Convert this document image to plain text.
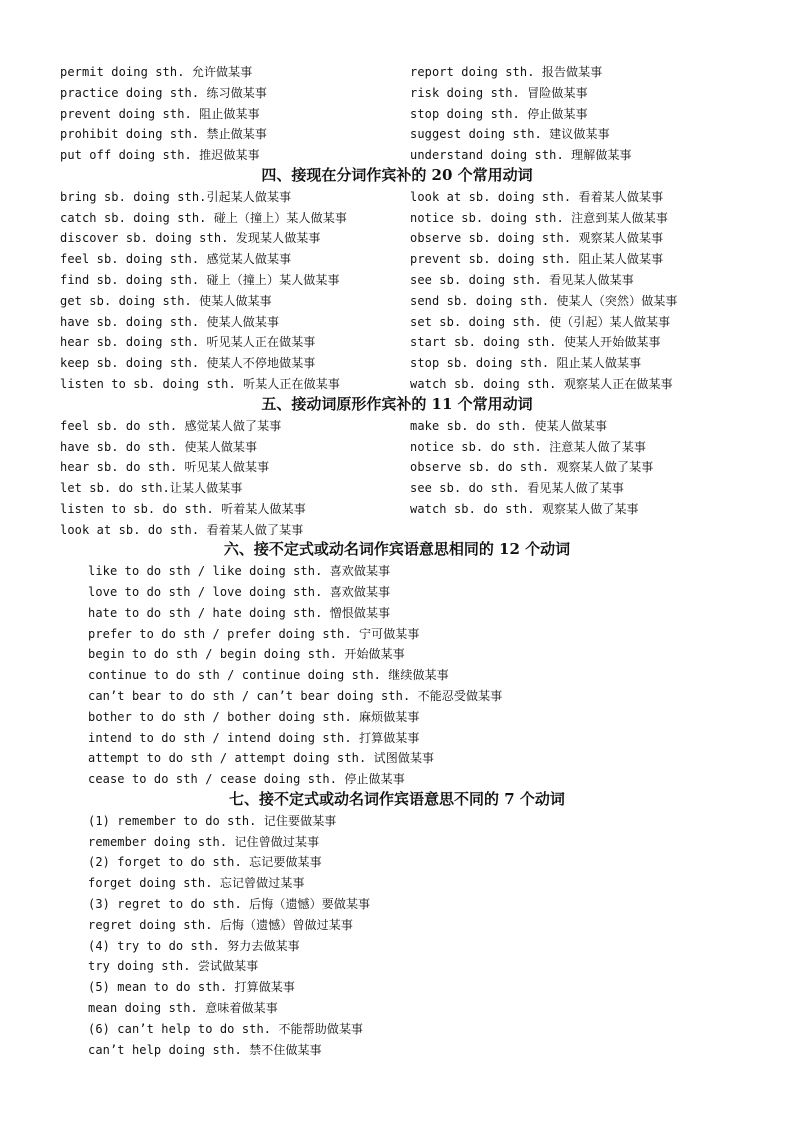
permit doing sth. 允许做某事	report doing sth. 报告做某事
practice doing sth. 练习做某事	risk doing sth. 冒险做某事
prevent doing sth. 阻止做某事	stop doing sth. 停止做某事
prohibit doing sth. 禁止做某事	suggest doing sth. 建议做某事
put off doing sth. 推迟做某事	understand doing sth. 理解做某事
四、接现在分词作宾补的 20 个常用动词
bring sb. doing sth.引起某人做某事	look at sb. doing sth. 看着某人做某事
catch sb. doing sth. 碰上（撞上）某人做某事	notice sb. doing sth. 注意到某人做某事
discover sb. doing sth. 发现某人做某事	observe sb. doing sth. 观察某人做某事
feel sb. doing sth. 感觉某人做某事	prevent sb. doing sth. 阻止某人做某事
find sb. doing sth. 碰上（撞上）某人做某事	see sb. doing sth. 看见某人做某事
get sb. doing sth. 使某人做某事	send sb. doing sth. 使某人（突然）做某事
have sb. doing sth. 使某人做某事	set sb. doing sth. 使（引起）某人做某事
hear sb. doing sth. 听见某人正在做某事	start sb. doing sth. 使某人开始做某事
keep sb. doing sth. 使某人不停地做某事	stop sb. doing sth. 阻止某人做某事
listen to sb. doing sth. 听某人正在做某事	watch sb. doing sth. 观察某人正在做某事
五、接动词原形作宾补的 11 个常用动词
feel sb. do sth. 感觉某人做了某事	make sb. do sth. 使某人做某事
have sb. do sth. 使某人做某事	notice sb. do sth. 注意某人做了某事
hear sb. do sth. 听见某人做某事	observe sb. do sth. 观察某人做了某事
let sb. do sth.让某人做某事	see sb. do sth. 看见某人做了某事
listen to sb. do sth. 听着某人做某事	watch sb. do sth. 观察某人做了某事
look at sb. do sth. 看着某人做了某事
六、接不定式或动名词作宾语意思相同的 12 个动词
like to do sth / like doing sth. 喜欢做某事
love to do sth / love doing sth. 喜欢做某事
hate to do sth / hate doing sth. 憎恨做某事
prefer to do sth / prefer doing sth. 宁可做某事
begin to do sth / begin doing sth. 开始做某事
continue to do sth / continue doing sth. 继续做某事
can’t bear to do sth / can’t bear doing sth. 不能忍受做某事
bother to do sth / bother doing sth. 麻烦做某事
intend to do sth / intend doing sth. 打算做某事
attempt to do sth / attempt doing sth. 试图做某事
cease to do sth / cease doing sth. 停止做某事
七、接不定式或动名词作宾语意思不同的 7 个动词
(1) remember to do sth. 记住要做某事
remember doing sth. 记住曾做过某事
(2) forget to do sth. 忘记要做某事
forget doing sth. 忘记曾做过某事
(3) regret to do sth. 后悔（遗憾）要做某事
regret doing sth. 后悔（遗憾）曾做过某事
(4) try to do sth. 努力去做某事
try doing sth. 尝试做某事
(5) mean to do sth. 打算做某事
mean doing sth. 意味着做某事
(6) can’t help to do sth. 不能帮助做某事
can’t help doing sth. 禁不住做某事
